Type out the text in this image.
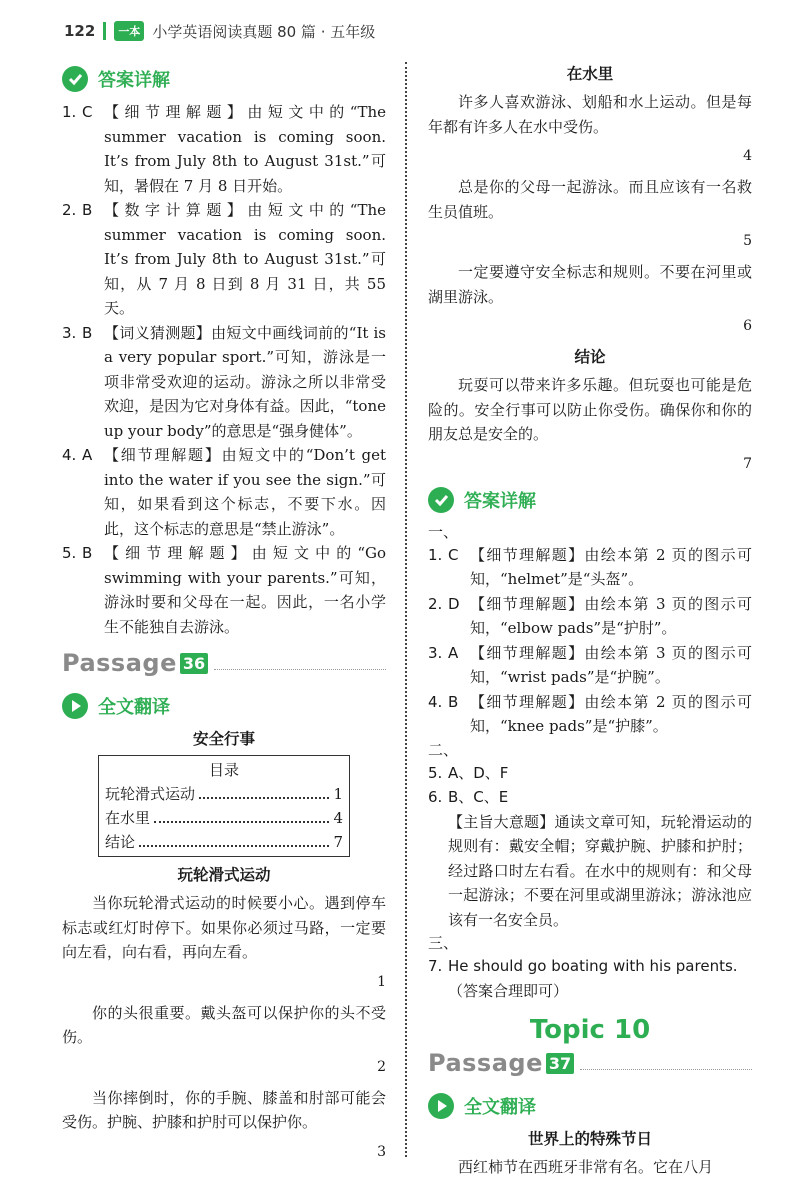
122	一本 小学英语阅读真题 80 篇 · 五年级
答案详解
1. C 【细节理解题】由短文中的“The summer vacation is coming soon. It’s from July 8th to August 31st.”可知，暑假在 7 月 8 日开始。
2. B 【数字计算题】由短文中的“The summer vacation is coming soon. It’s from July 8th to August 31st.”可知，从 7 月 8 日到 8 月 31 日，共 55 天。
3. B 【词义猜测题】由短文中画线词前的“It is a very popular sport.”可知，游泳是一项非常受欢迎的运动。游泳之所以非常受欢迎，是因为它对身体有益。因此，“tone up your body”的意思是“强身健体”。
4. A 【细节理解题】由短文中的“Don’t get into the water if you see the sign.”可知，如果看到这个标志，不要下水。因此，这个标志的意思是“禁止游泳”。
5. B 【细节理解题】由短文中的“Go swimming with your parents.”可知，游泳时要和父母在一起。因此，一名小学生不能独自去游泳。
Passage 36
全文翻译
安全行事
目录
玩轮滑式运动	1
在水里	4
结论	7
玩轮滑式运动
当你玩轮滑式运动的时候要小心。遇到停车标志或红灯时停下。如果你必须过马路，一定要向左看，向右看，再向左看。
1
你的头很重要。戴头盔可以保护你的头不受伤。
2
当你摔倒时，你的手腕、膝盖和肘部可能会受伤。护腕、护膝和护肘可以保护你。
3
在水里
许多人喜欢游泳、划船和水上运动。但是每年都有许多人在水中受伤。
4
总是你的父母一起游泳。而且应该有一名救生员值班。
5
一定要遵守安全标志和规则。不要在河里或湖里游泳。
6
结论
玩耍可以带来许多乐趣。但玩耍也可能是危险的。安全行事可以防止你受伤。确保你和你的朋友总是安全的。
7
答案详解
一、
1. C 【细节理解题】由绘本第 2 页的图示可知，“helmet”是“头盔”。
2. D 【细节理解题】由绘本第 3 页的图示可知，“elbow pads”是“护肘”。
3. A 【细节理解题】由绘本第 3 页的图示可知，“wrist pads”是“护腕”。
4. B 【细节理解题】由绘本第 2 页的图示可知，“knee pads”是“护膝”。
二、
5. A、D、F
6. B、C、E
【主旨大意题】通读文章可知，玩轮滑运动的规则有：戴安全帽；穿戴护腕、护膝和护肘；经过路口时左右看。在水中的规则有：和父母一起游泳；不要在河里或湖里游泳；游泳池应该有一名安全员。
三、
7. He should go boating with his parents.
（答案合理即可）
Topic 10
Passage 37
全文翻译
世界上的特殊节日
西红柿节在西班牙非常有名。它在八月
